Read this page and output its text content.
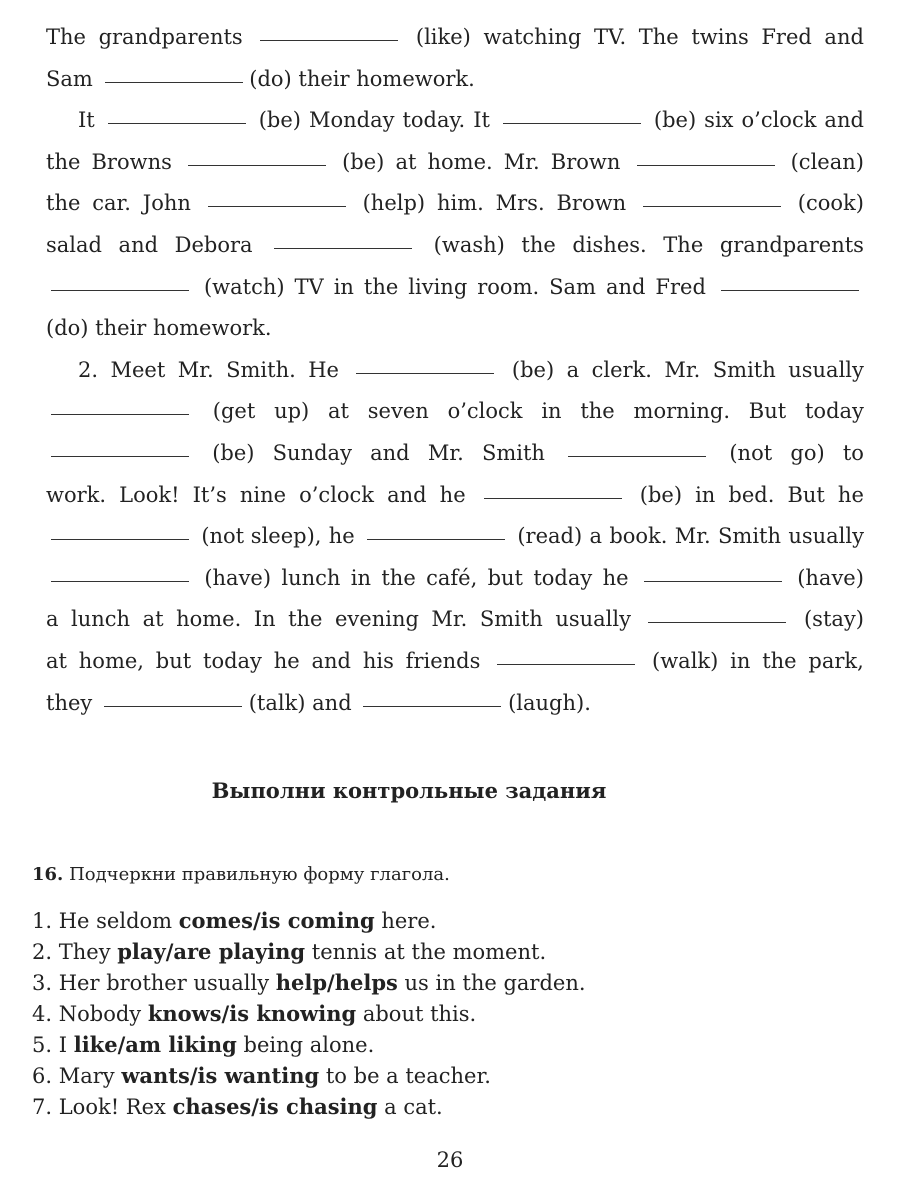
The grandparents	(like) watching TV. The twins Fred and
Sam	(do) their homework.
It	(be) Monday today. It	(be) six o’clock and
the Browns	(be) at home. Mr. Brown	(clean)
the car. John	(help) him. Mrs. Brown	(cook)
salad and Debora	(wash) the dishes. The grandparents
(watch) TV in the living room. Sam and Fred
(do) their homework.
2. Meet Mr. Smith. He	(be) a clerk. Mr. Smith usually
(get up) at seven o’clock in the morning. But today
(be) Sunday and Mr. Smith	(not go) to
work. Look! It’s nine o’clock and he	(be) in bed. But he
(not sleep), he	(read) a book. Mr. Smith usually
(have) lunch in the café, but today he	(have)
a lunch at home. In the evening Mr. Smith usually	(stay)
at home, but today he and his friends	(walk) in the park,
they	(talk) and	(laugh).
Выполни контрольные задания
16. Подчеркни правильную форму глагола.
1. He seldom comes/is coming here.
2. They play/are playing tennis at the moment.
3. Her brother usually help/helps us in the garden.
4. Nobody knows/is knowing about this.
5. I like/am liking being alone.
6. Mary wants/is wanting to be a teacher.
7. Look! Rex chases/is chasing a cat.
26
